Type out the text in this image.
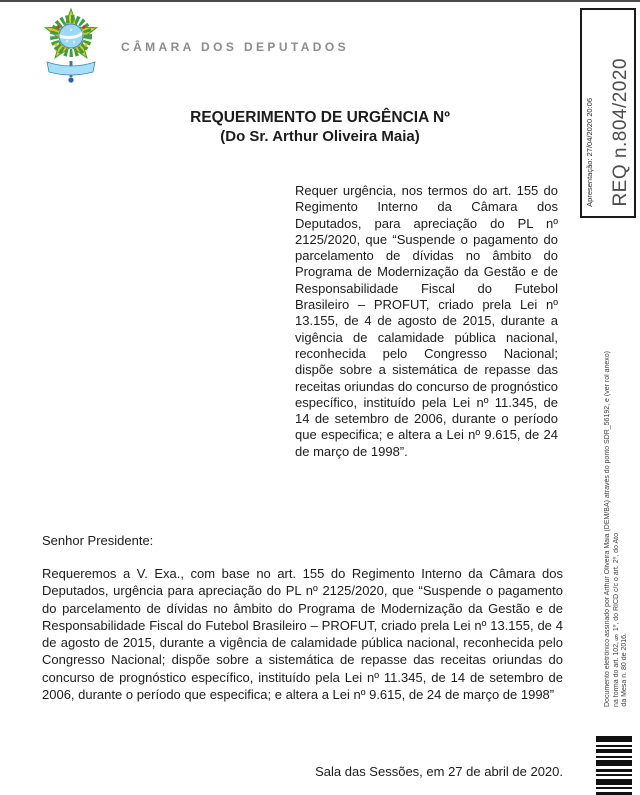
CÂMARA DOS DEPUTADOS
REQUERIMENTO DE URGÊNCIA Nº
(Do Sr. Arthur Oliveira Maia)

Requer urgência, nos termos do art. 155 do Regimento Interno da Câmara dos Deputados, para apreciação do PL nº 2125/2020, que “Suspende o pagamento do parcelamento de dívidas no âmbito do Programa de Modernização da Gestão e de Responsabilidade Fiscal do Futebol Brasileiro – PROFUT, criado prela Lei nº 13.155, de 4 de agosto de 2015, durante a vigência de calamidade pública nacional, reconhecida pelo Congresso Nacional; dispõe sobre a sistemática de repasse das receitas oriundas do concurso de prognóstico específico, instituído pela Lei nº 11.345, de 14 de setembro de 2006, durante o período que especifica; e altera a Lei nº 9.615, de 24 de março de 1998”.

Senhor Presidente:

Requeremos a V. Exa., com base no art. 155 do Regimento Interno da Câmara dos Deputados, urgência para apreciação do PL nº 2125/2020, que “Suspende o pagamento do parcelamento de dívidas no âmbito do Programa de Modernização da Gestão e de Responsabilidade Fiscal do Futebol Brasileiro – PROFUT, criado prela Lei nº 13.155, de 4 de agosto de 2015, durante a vigência de calamidade pública nacional, reconhecida pelo Congresso Nacional; dispõe sobre a sistemática de repasse das receitas oriundas do concurso de prognóstico específico, instituído pela Lei nº 11.345, de 14 de setembro de 2006, durante o período que especifica; e altera a Lei nº 9.615, de 24 de março de 1998”

Sala das Sessões, em 27 de abril de 2020.

Apresentação: 27/04/2020 20:06 REQ n.804/2020
Documento eletrônico assinado por Arthur Oliveira Maia (DEM/BA) através do ponto SDR_56192, e (ver rol anexo) na forma do art. 102, § 1º, do RICD c/c o art. 2º, do Ato da Mesa n. 80 de 2016.
